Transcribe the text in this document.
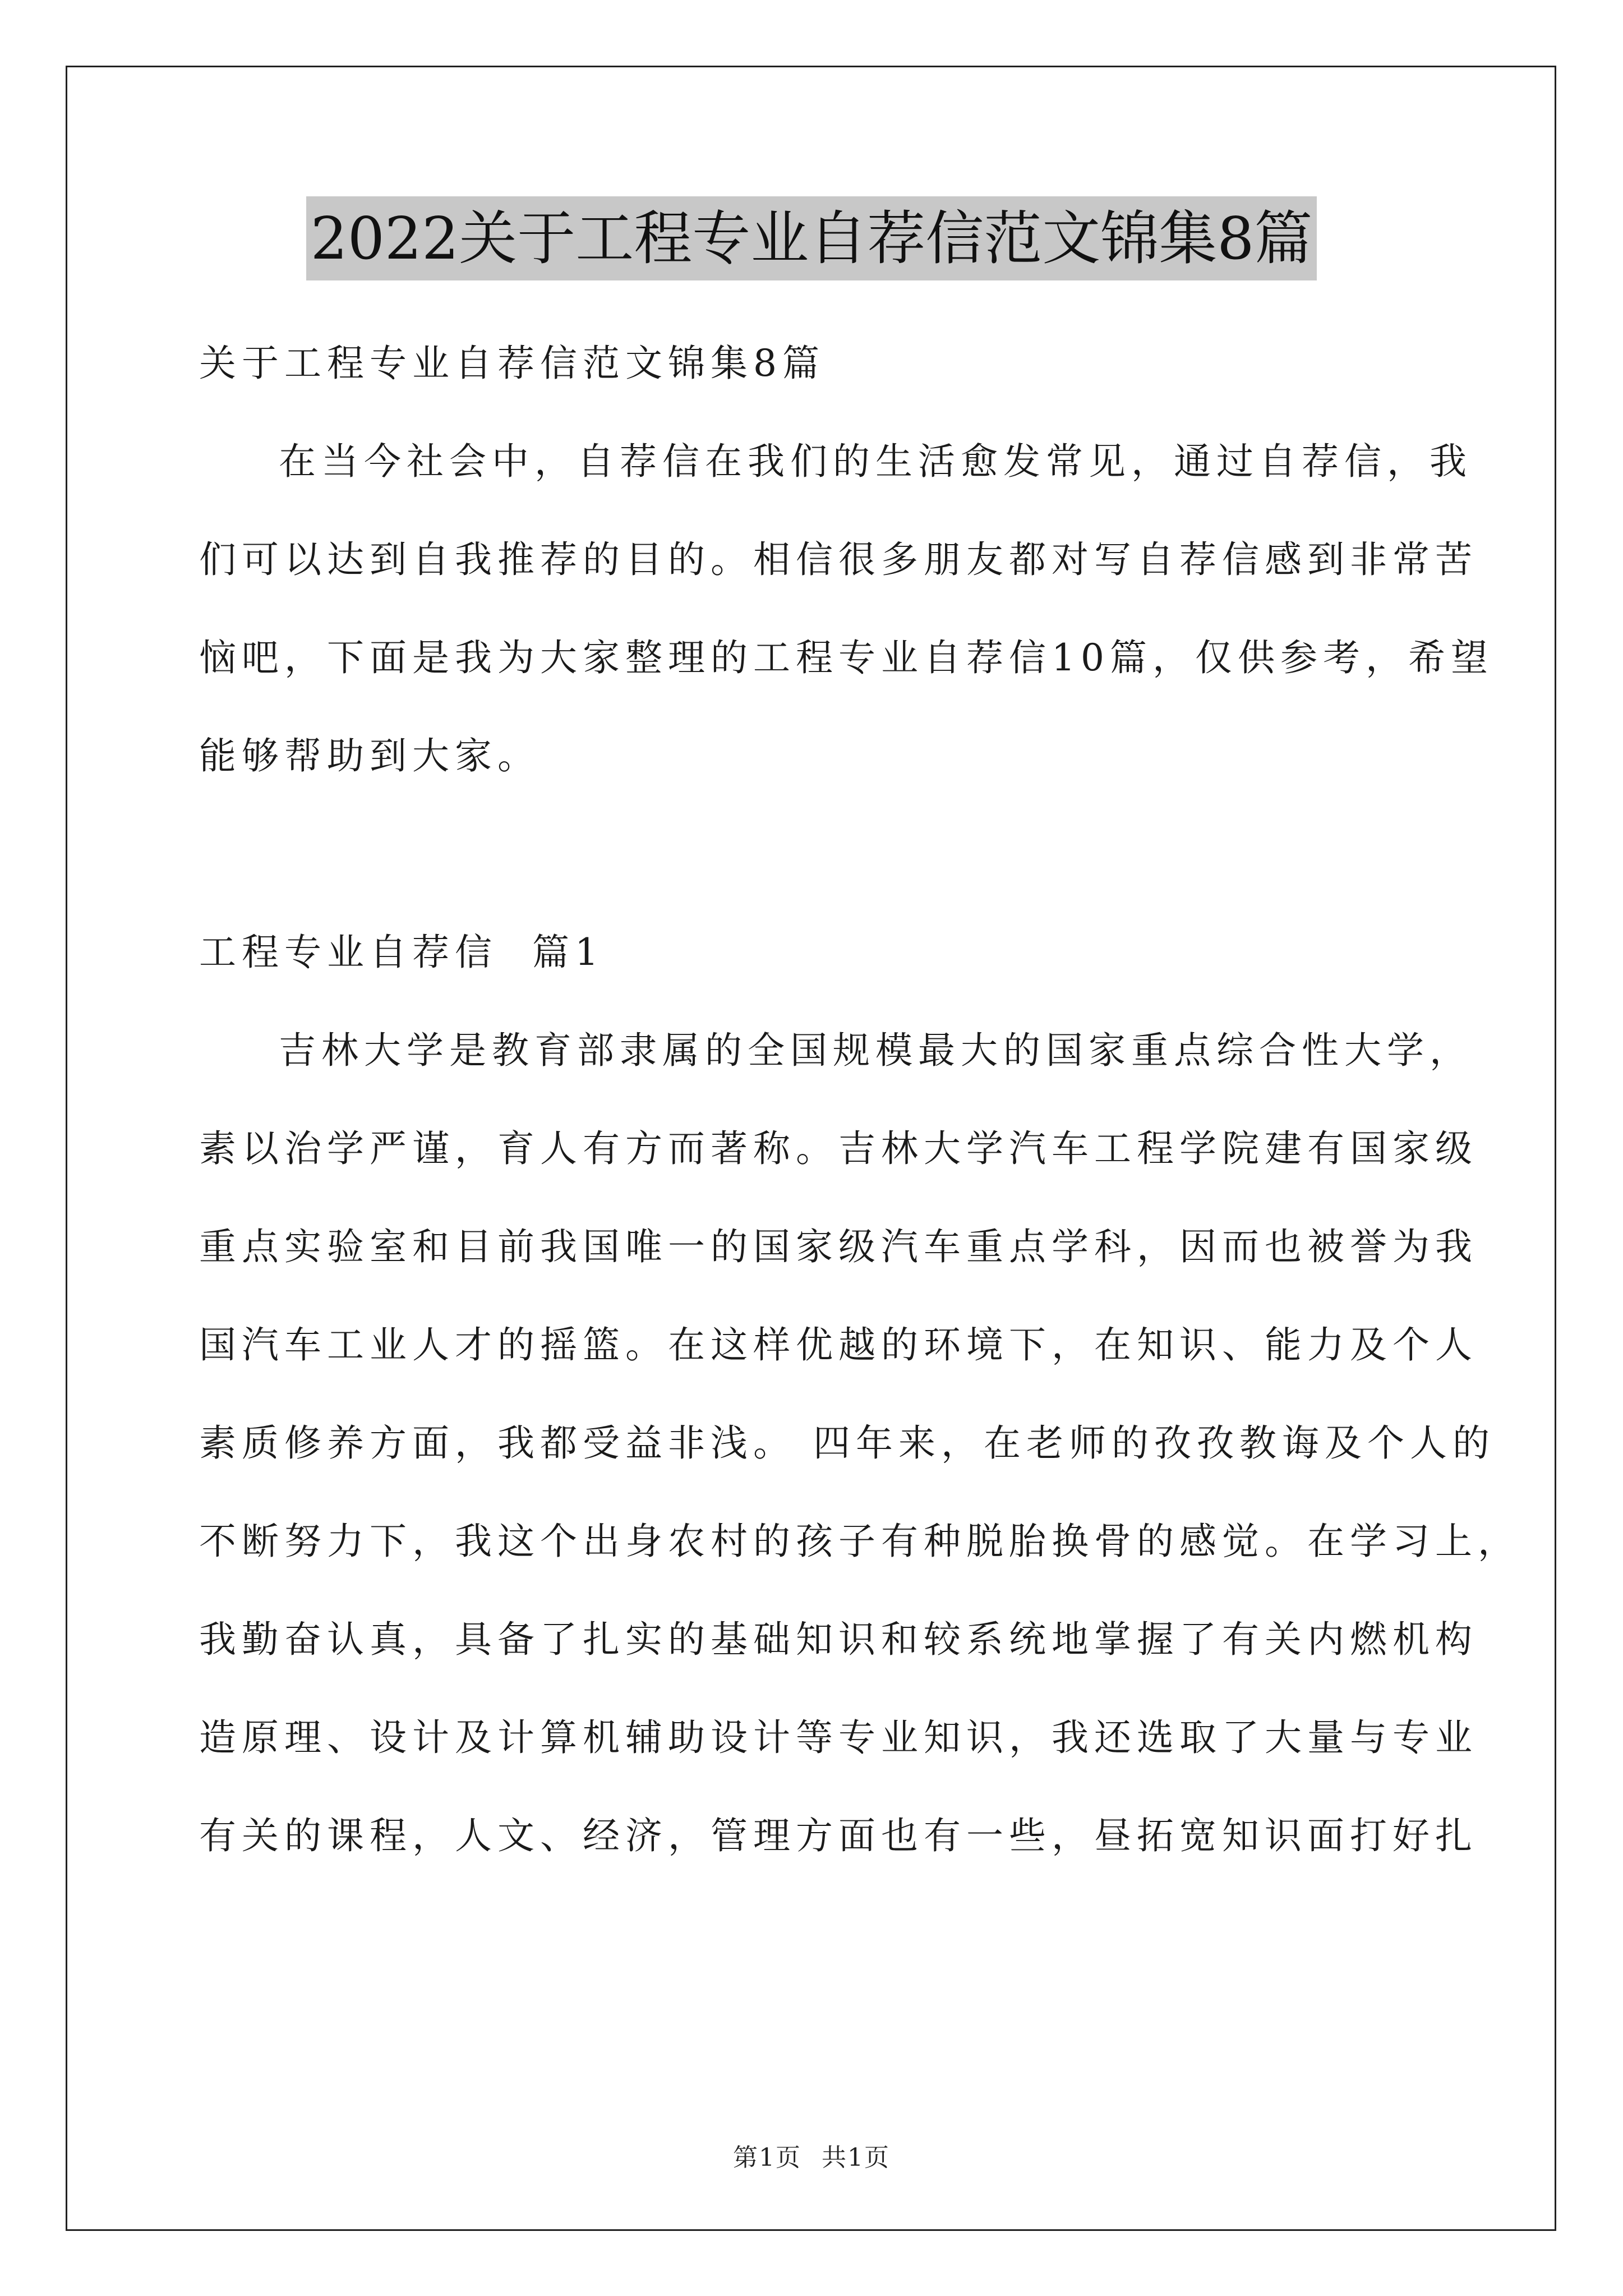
2022关于工程专业自荐信范文锦集8篇
关于工程专业自荐信范文锦集8篇
在当今社会中，自荐信在我们的生活愈发常见，通过自荐信，我
们可以达到自我推荐的目的。相信很多朋友都对写自荐信感到非常苦
恼吧，下面是我为大家整理的工程专业自荐信10篇，仅供参考，希望
能够帮助到大家。
工程专业自荐信  篇1
吉林大学是教育部隶属的全国规模最大的国家重点综合性大学，
素以治学严谨，育人有方而著称。吉林大学汽车工程学院建有国家级
重点实验室和目前我国唯一的国家级汽车重点学科，因而也被誉为我
国汽车工业人才的摇篮。在这样优越的环境下，在知识、能力及个人
素质修养方面，我都受益非浅。 四年来，在老师的孜孜教诲及个人的
不断努力下，我这个出身农村的孩子有种脱胎换骨的感觉。在学习上，
我勤奋认真，具备了扎实的基础知识和较系统地掌握了有关内燃机构
造原理、设计及计算机辅助设计等专业知识，我还选取了大量与专业
有关的课程，人文、经济，管理方面也有一些，昼拓宽知识面打好扎
第1页 共1页
